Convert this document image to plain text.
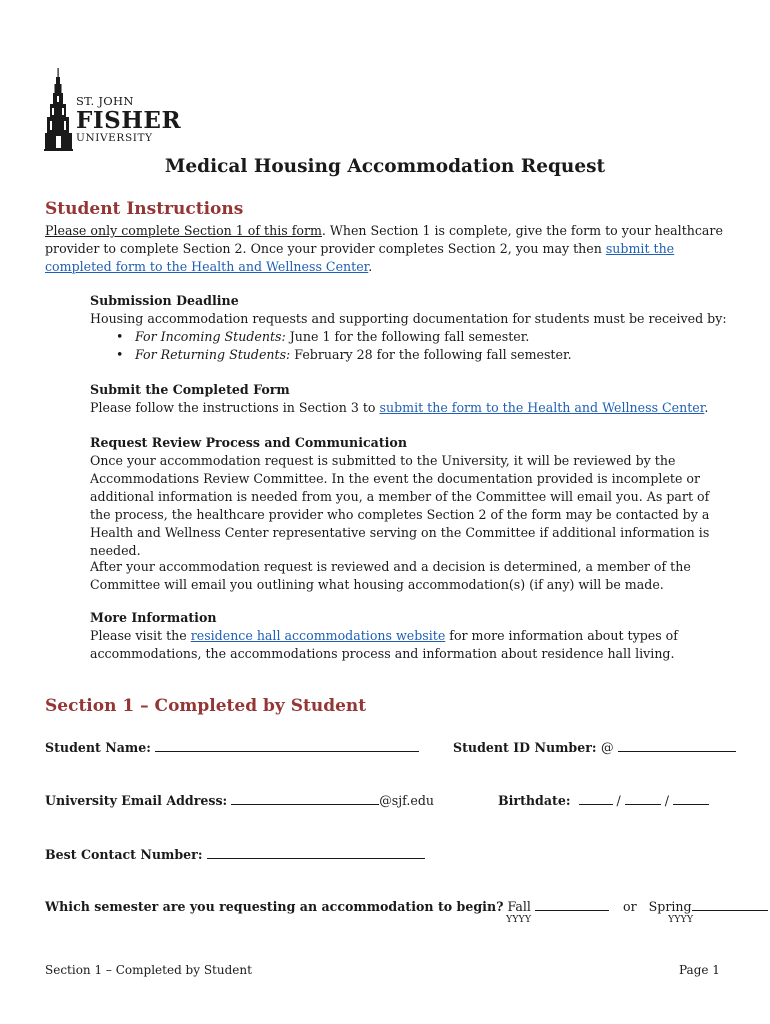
ST. JOHN
FISHER
UNIVERSITY
Medical Housing Accommodation Request
Student Instructions
Please only complete Section 1 of this form. When Section 1 is complete, give the form to your healthcare provider to complete Section 2. Once your provider completes Section 2, you may then submit the completed form to the Health and Wellness Center.
Submission Deadline
Housing accommodation requests and supporting documentation for students must be received by:
• For Incoming Students: June 1 for the following fall semester.
• For Returning Students: February 28 for the following fall semester.
Submit the Completed Form
Please follow the instructions in Section 3 to submit the form to the Health and Wellness Center.
Request Review Process and Communication
Once your accommodation request is submitted to the University, it will be reviewed by the Accommodations Review Committee. In the event the documentation provided is incomplete or additional information is needed from you, a member of the Committee will email you. As part of the process, the healthcare provider who completes Section 2 of the form may be contacted by a Health and Wellness Center representative serving on the Committee if additional information is needed.
After your accommodation request is reviewed and a decision is determined, a member of the Committee will email you outlining what housing accommodation(s) (if any) will be made.
More Information
Please visit the residence hall accommodations website for more information about types of accommodations, the accommodations process and information about residence hall living.
Section 1 – Completed by Student
Student Name:	Student ID Number: @
University Email Address:	@sjf.edu	Birthdate:	/	/
Best Contact Number:
Which semester are you requesting an accommodation to begin? Fall	or Spring
YYYY	YYYY
Section 1 – Completed by Student	Page 1
